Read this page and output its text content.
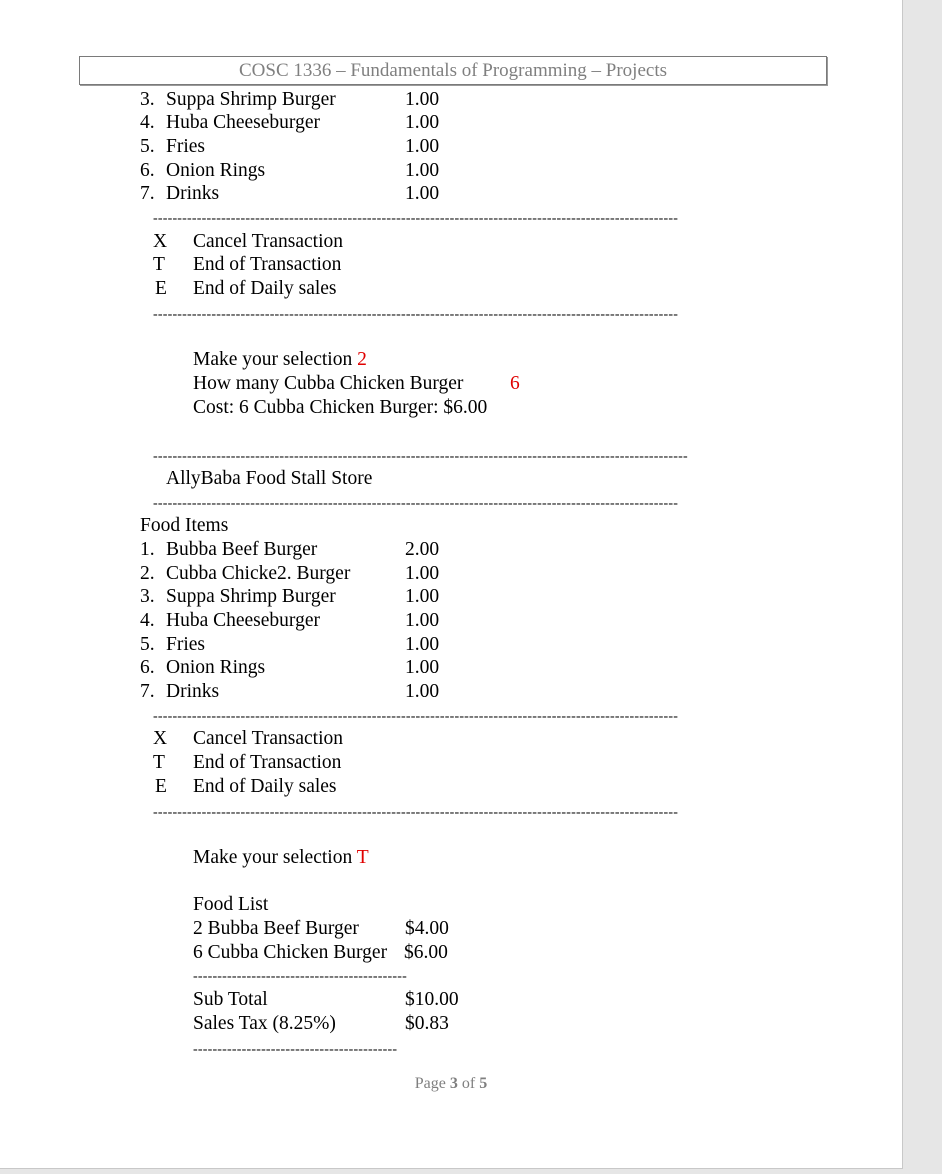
COSC 1336 – Fundamentals of Programming – Projects
3. Suppa Shrimp Burger	1.00
4. Huba Cheeseburger	1.00
5. Fries	1.00
6. Onion Rings	1.00
7. Drinks	1.00
------------------------------------------------------------------------------------------------------------
X Cancel Transaction
T End of Transaction
E End of Daily sales
------------------------------------------------------------------------------------------------------------
Make your selection 2
How many Cubba Chicken Burger 6
Cost: 6 Cubba Chicken Burger: $6.00
--------------------------------------------------------------------------------------------------------------
AllyBaba Food Stall Store
------------------------------------------------------------------------------------------------------------
Food Items
1. Bubba Beef Burger	2.00
2. Cubba Chicke2. Burger	1.00
3. Suppa Shrimp Burger	1.00
4. Huba Cheeseburger	1.00
5. Fries	1.00
6. Onion Rings	1.00
7. Drinks	1.00
------------------------------------------------------------------------------------------------------------
X Cancel Transaction
T End of Transaction
E End of Daily sales
------------------------------------------------------------------------------------------------------------
Make your selection T
Food List
2 Bubba Beef Burger $4.00
6 Cubba Chicken Burger $6.00
--------------------------------------------
Sub Total	$10.00
Sales Tax (8.25%)	$0.83
------------------------------------------
Page 3 of 5
